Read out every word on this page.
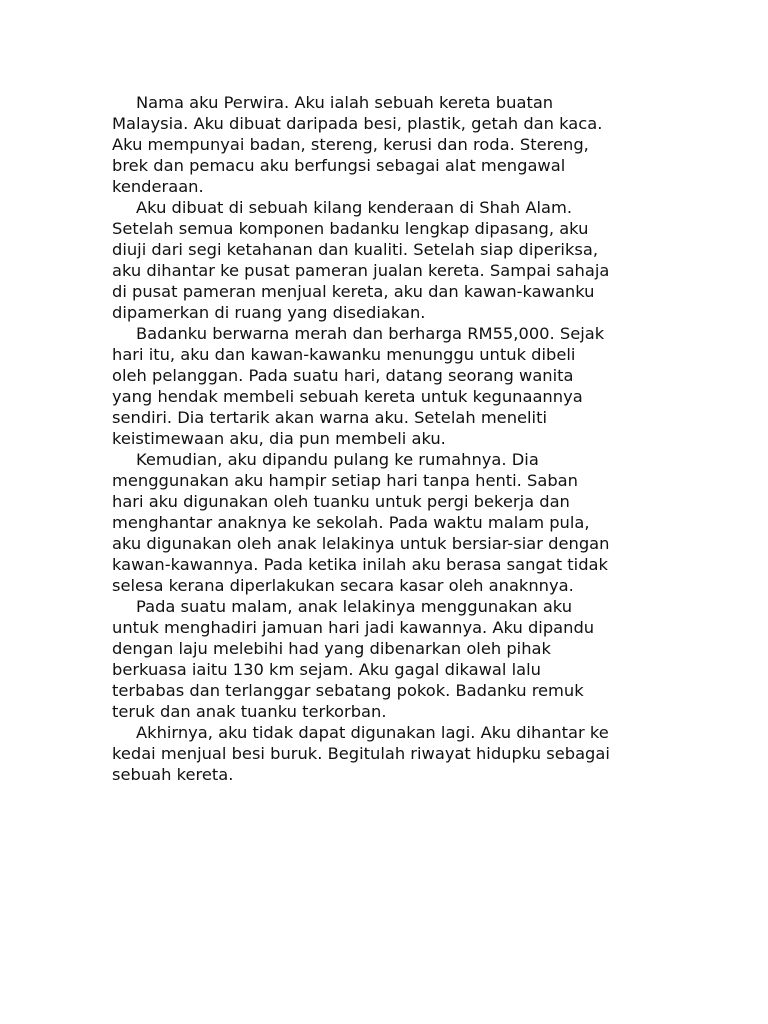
Nama aku Perwira. Aku ialah sebuah kereta buatan
Malaysia. Aku dibuat daripada besi, plastik, getah dan kaca.
Aku mempunyai badan, stereng, kerusi dan roda. Stereng,
brek dan pemacu aku berfungsi sebagai alat mengawal
kenderaan.

Aku dibuat di sebuah kilang kenderaan di Shah Alam.
Setelah semua komponen badanku lengkap dipasang, aku
diuji dari segi ketahanan dan kualiti. Setelah siap diperiksa,
aku dihantar ke pusat pameran jualan kereta. Sampai sahaja
di pusat pameran menjual kereta, aku dan kawan-kawanku
dipamerkan di ruang yang disediakan.

Badanku berwarna merah dan berharga RM55,000. Sejak
hari itu, aku dan kawan-kawanku menunggu untuk dibeli
oleh pelanggan. Pada suatu hari, datang seorang wanita
yang hendak membeli sebuah kereta untuk kegunaannya
sendiri. Dia tertarik akan warna aku. Setelah meneliti
keistimewaan aku, dia pun membeli aku.

Kemudian, aku dipandu pulang ke rumahnya. Dia
menggunakan aku hampir setiap hari tanpa henti. Saban
hari aku digunakan oleh tuanku untuk pergi bekerja dan
menghantar anaknya ke sekolah. Pada waktu malam pula,
aku digunakan oleh anak lelakinya untuk bersiar-siar dengan
kawan-kawannya. Pada ketika inilah aku berasa sangat tidak
selesa kerana diperlakukan secara kasar oleh anaknnya.

Pada suatu malam, anak lelakinya menggunakan aku
untuk menghadiri jamuan hari jadi kawannya. Aku dipandu
dengan laju melebihi had yang dibenarkan oleh pihak
berkuasa iaitu 130 km sejam. Aku gagal dikawal lalu
terbabas dan terlanggar sebatang pokok. Badanku remuk
teruk dan anak tuanku terkorban.

Akhirnya, aku tidak dapat digunakan lagi. Aku dihantar ke
kedai menjual besi buruk. Begitulah riwayat hidupku sebagai
sebuah kereta.
